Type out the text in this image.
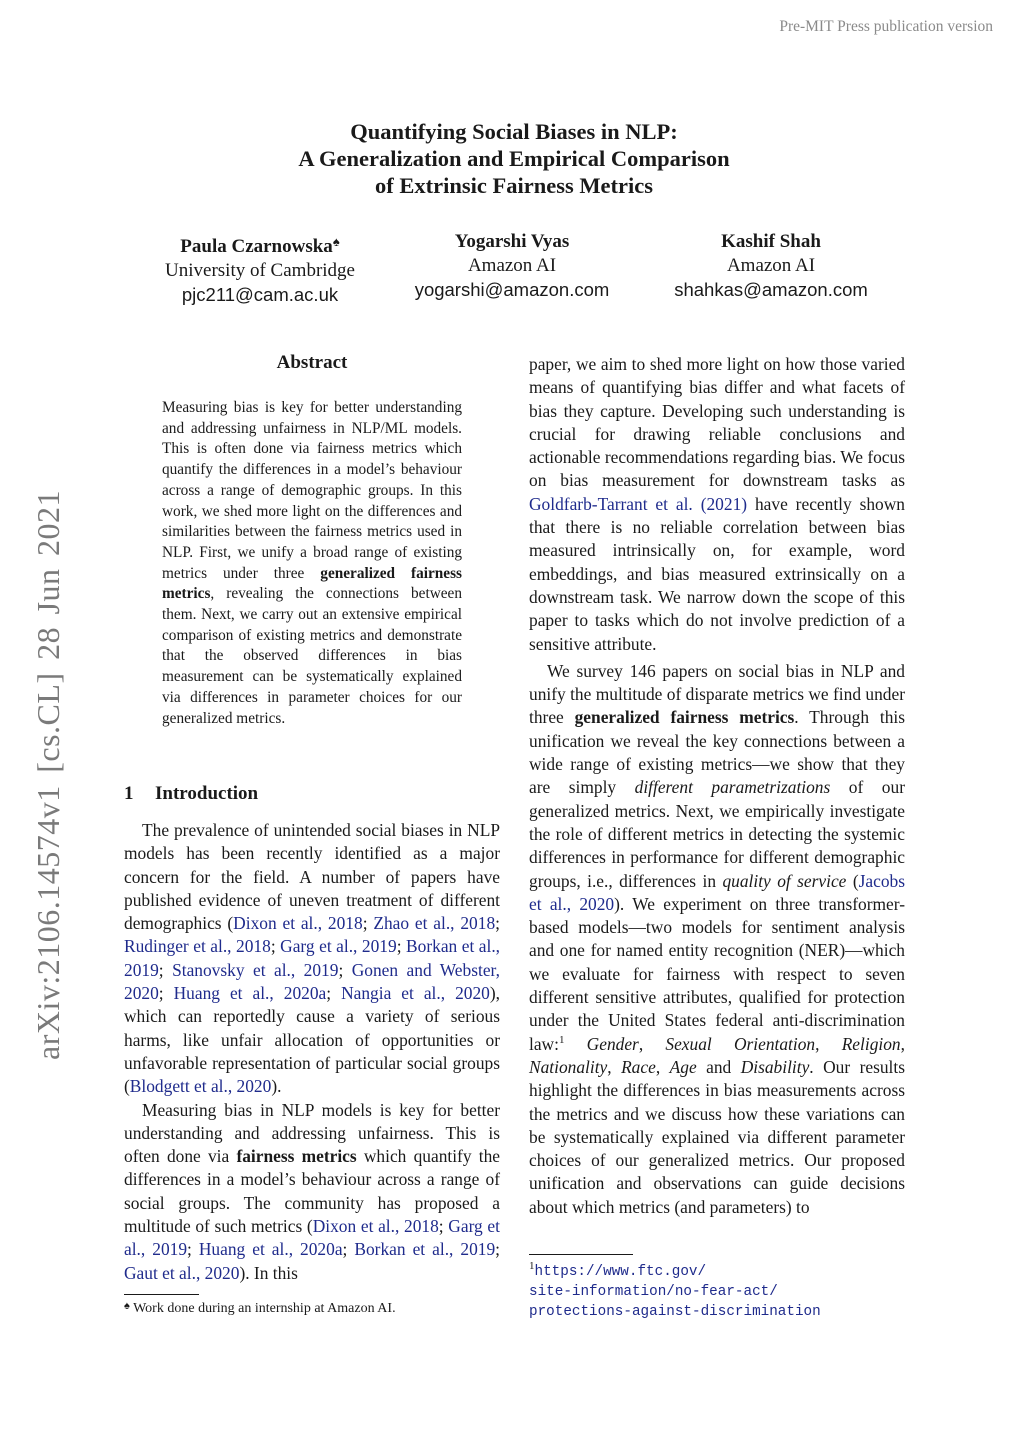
Pre-MIT Press publication version
arXiv:2106.14574v1 [cs.CL] 28 Jun 2021
Quantifying Social Biases in NLP:
A Generalization and Empirical Comparison
of Extrinsic Fairness Metrics
Paula Czarnowska♠
University of Cambridge
pjc211@cam.ac.uk
Yogarshi Vyas
Amazon AI
yogarshi@amazon.com
Kashif Shah
Amazon AI
shahkas@amazon.com
Abstract
Measuring bias is key for better understanding and addressing unfairness in NLP/ML models. This is often done via fairness metrics which quantify the differences in a model’s behaviour across a range of demographic groups. In this work, we shed more light on the differences and similarities between the fairness metrics used in NLP. First, we unify a broad range of existing metrics under three generalized fairness metrics, revealing the connections between them. Next, we carry out an extensive empirical comparison of existing metrics and demonstrate that the observed differences in bias measurement can be systematically explained via differences in parameter choices for our generalized metrics.
1 Introduction

The prevalence of unintended social biases in NLP models has been recently identified as a major concern for the field. A number of papers have published evidence of uneven treatment of different demographics (Dixon et al., 2018; Zhao et al., 2018; Rudinger et al., 2018; Garg et al., 2019; Borkan et al., 2019; Stanovsky et al., 2019; Gonen and Webster, 2020; Huang et al., 2020a; Nangia et al., 2020), which can reportedly cause a variety of serious harms, like unfair allocation of opportunities or unfavorable representation of particular social groups (Blodgett et al., 2020).

Measuring bias in NLP models is key for better understanding and addressing unfairness. This is often done via fairness metrics which quantify the differences in a model’s behaviour across a range of social groups. The community has proposed a multitude of such metrics (Dixon et al., 2018; Garg et al., 2019; Huang et al., 2020a; Borkan et al., 2019; Gaut et al., 2020). In this

♠ Work done during an internship at Amazon AI.

paper, we aim to shed more light on how those varied means of quantifying bias differ and what facets of bias they capture. Developing such understanding is crucial for drawing reliable conclusions and actionable recommendations regarding bias. We focus on bias measurement for downstream tasks as Goldfarb-Tarrant et al. (2021) have recently shown that there is no reliable correlation between bias measured intrinsically on, for example, word embeddings, and bias measured extrinsically on a downstream task. We narrow down the scope of this paper to tasks which do not involve prediction of a sensitive attribute.

We survey 146 papers on social bias in NLP and unify the multitude of disparate metrics we find under three generalized fairness metrics. Through this unification we reveal the key connections between a wide range of existing metrics—we show that they are simply different parametrizations of our generalized metrics. Next, we empirically investigate the role of different metrics in detecting the systemic differences in performance for different demographic groups, i.e., differences in quality of service (Jacobs et al., 2020). We experiment on three transformer-based models—two models for sentiment analysis and one for named entity recognition (NER)—which we evaluate for fairness with respect to seven different sensitive attributes, qualified for protection under the United States federal anti-discrimination law:$^1$ Gender, Sexual Orientation, Religion, Nationality, Race, Age and Disability. Our results highlight the differences in bias measurements across the metrics and we discuss how these variations can be systematically explained via different parameter choices of our generalized metrics. Our proposed unification and observations can guide decisions about which metrics (and parameters) to

$^1$https://www.ftc.gov/
site-information/no-fear-act/
protections-against-discrimination
